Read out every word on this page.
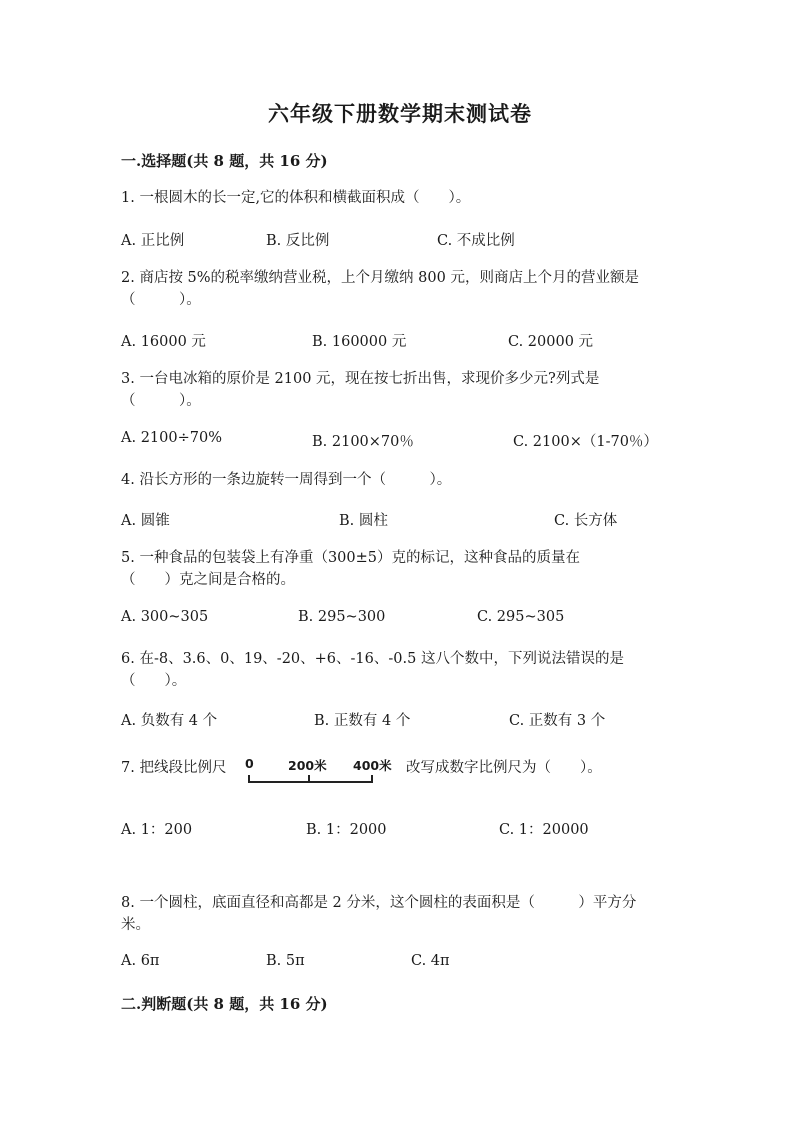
六年级下册数学期末测试卷
一.选择题(共 8 题，共 16 分)
1. 一根圆木的长一定,它的体积和横截面积成（　　）。
A. 正比例	B. 反比例	C. 不成比例
2. 商店按 5%的税率缴纳营业税，上个月缴纳 800 元，则商店上个月的营业额是
（　　　）。
A. 16000 元	B. 160000 元	C. 20000 元
3. 一台电冰箱的原价是 2100 元，现在按七折出售，求现价多少元?列式是
（　　　）。
A. 2100÷70%	B. 2100×70％	C. 2100×（1-70％）
4. 沿长方形的一条边旋转一周得到一个（　　　）。
A. 圆锥	B. 圆柱	C. 长方体
5. 一种食品的包装袋上有净重（300±5）克的标记，这种食品的质量在
（　　）克之间是合格的。
A. 300~305	B. 295~300	C. 295~305
6. 在-8、3.6、0、19、-20、+6、-16、-0.5 这八个数中，下列说法错误的是
（　　）。
A. 负数有 4 个	B. 正数有 4 个	C. 正数有 3 个
7. 把线段比例尺 0	200米 400米 改写成数字比例尺为（　　）。
A. 1：200	B. 1：2000	C. 1：20000
8. 一个圆柱，底面直径和高都是 2 分米，这个圆柱的表面积是（　　　）平方分
米。
A. 6π	B. 5π	C. 4π
二.判断题(共 8 题，共 16 分)
